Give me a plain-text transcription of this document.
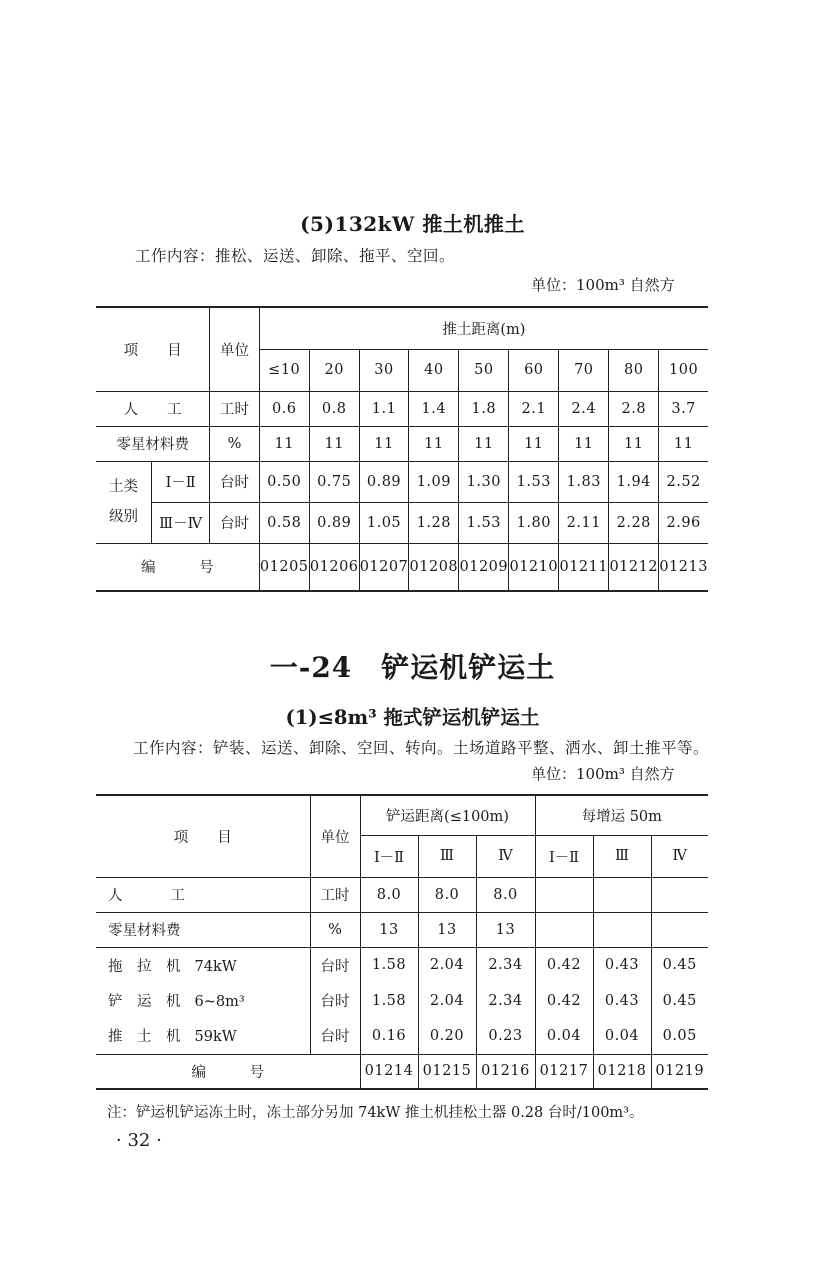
(5)132kW 推土机推土
工作内容：推松、运送、卸除、拖平、空回。
单位：100m³ 自然方
项　　目		单位	推土距离(m)								
			≤10	20	30	40	50	60	70	80	100
人　　工		工时	0.6	0.8	1.1	1.4	1.8	2.1	2.4	2.8	3.7
零星材料费		%	11	11	11	11	11	11	11	11	11
土类
级别	Ⅰ－Ⅱ	台时	0.50	0.75	0.89	1.09	1.30	1.53	1.83	1.94	2.52
	Ⅲ－Ⅳ	台时	0.58	0.89	1.05	1.28	1.53	1.80	2.11	2.28	2.96
编　　　号			01205	01206	01207	01208	01209	01210	01211	01212	01213
一-24　铲运机铲运土
(1)≤8m³ 拖式铲运机铲运土
工作内容：铲装、运送、卸除、空回、转向。土场道路平整、洒水、卸土推平等。
单位：100m³ 自然方
项　　目	单位	铲运距离(≤100m)			每增运 50m		
		Ⅰ－Ⅱ	Ⅲ	Ⅳ	Ⅰ－Ⅱ	Ⅲ	Ⅳ
人 工	工时	8.0	8.0	8.0			
零星材料费	%	13	13	13			
拖　拉　机 74kW	台时	1.58	2.04	2.34	0.42	0.43	0.45
铲　运　机 6~8m³	台时	1.58	2.04	2.34	0.42	0.43	0.45
推　土　机 59kW	台时	0.16	0.20	0.23	0.04	0.04	0.05
编　　　号		01214	01215	01216	01217	01218	01219
注：铲运机铲运冻土时，冻土部分另加 74kW 推土机挂松土器 0.28 台时/100m³。
· 32 ·
